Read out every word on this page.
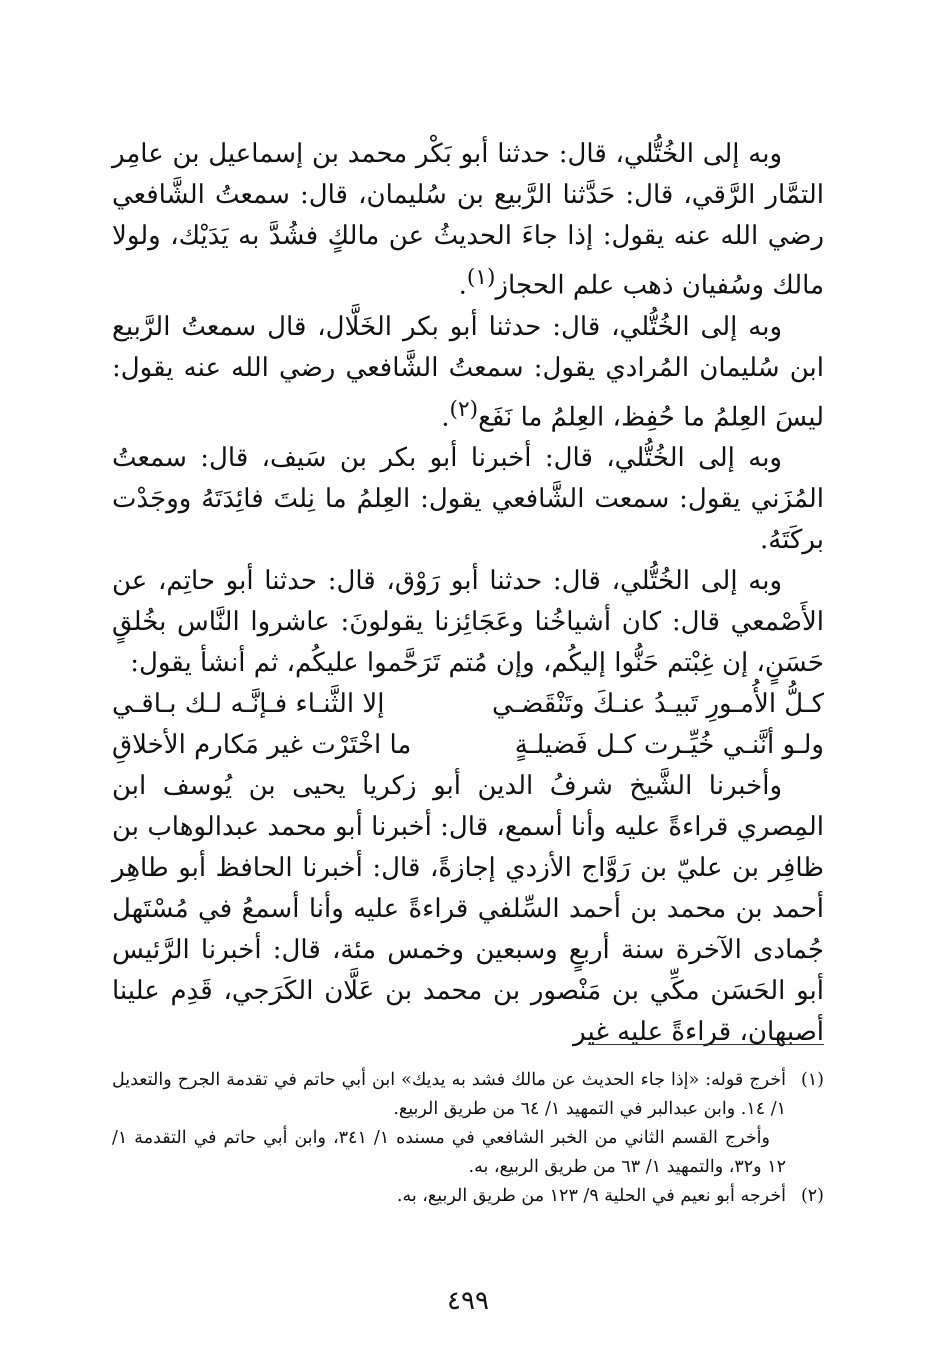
وبه إلى الخُتُّلي، قال: حدثنا أبو بَكْر محمد بن إسماعيل بن عامِر التمَّار الرَّقي، قال: حَدَّثنا الرَّبيع بن سُليمان، قال: سمعتُ الشَّافعي رضي الله عنه يقول: إذا جاءَ الحديثُ عن مالكٍ فشُدَّ به يَدَيْك، ولولا مالك وسُفيان ذهب علم الحجاز$^{(١)}$.

وبه إلى الخُتُّلي، قال: حدثنا أبو بكر الخَلَّال، قال سمعتُ الرَّبيع ابن سُليمان المُرادي يقول: سمعتُ الشَّافعي رضي الله عنه يقول: ليسَ العِلمُ ما حُفِظ، العِلمُ ما نَفَع$^{(٢)}$.

وبه إلى الخُتُّلي، قال: أخبرنا أبو بكر بن سَيف، قال: سمعتُ المُزَني يقول: سمعت الشَّافعي يقول: العِلمُ ما نِلتَ فائِدَتَهُ ووجَدْت بركَتَهُ.

وبه إلى الخُتُّلي، قال: حدثنا أبو رَوْق، قال: حدثنا أبو حاتِم، عن الأَصْمعي قال: كان أشياخُنا وعَجَائِزنا يقولونَ: عاشروا النَّاس بخُلقٍ حَسَنٍ، إن غِبْتم حَنُّوا إليكُم، وإن مُتم تَرَحَّموا عليكُم، ثم أنشأ يقول:

كـلُّ الأُمـورِ تَبيـدُ عنـكَ وتَنْقَضـي
إلا الثَّنـاء فـإنَّـه لـك بـاقـي
ولـو أنَّنـي خُيِّـرت كـل فَضيلـةٍ
ما اخْتَرْت غير مَكارم الأخلاقِ

وأخبرنا الشَّيخ شرفُ الدين أبو زكريا يحيى بن يُوسف ابن المِصري قراءةً عليه وأنا أسمع، قال: أخبرنا أبو محمد عبدالوهاب بن ظافِر بن عليّ بن رَوَّاج الأزدي إجازةً، قال: أخبرنا الحافظ أبو طاهِر أحمد بن محمد بن أحمد السِّلفي قراءةً عليه وأنا أسمعُ في مُسْتَهل جُمادى الآخرة سنة أربعٍ وسبعين وخمس مئة، قال: أخبرنا الرَّئيس أبو الحَسَن مكِّي بن مَنْصور بن محمد بن عَلَّان الكَرَجي، قَدِم علينا أصبهان، قراءةً عليه غير

(١)
أخرج قوله: «إذا جاء الحديث عن مالك فشد به يديك» ابن أبي حاتم في تقدمة الجرح والتعديل ١/ ١٤. وابن عبدالبر في التمهيد ١/ ٦٤ من طريق الربيع.
وأخرج القسم الثاني من الخبر الشافعي في مسنده ١/ ٣٤١، وابن أبي حاتم في التقدمة ١/ ١٢ و٣٢، والتمهيد ١/ ٦٣ من طريق الربيع، به.
(٢)
أخرجه أبو نعيم في الحلية ٩/ ١٢٣ من طريق الربيع، به.
٤٩٩
